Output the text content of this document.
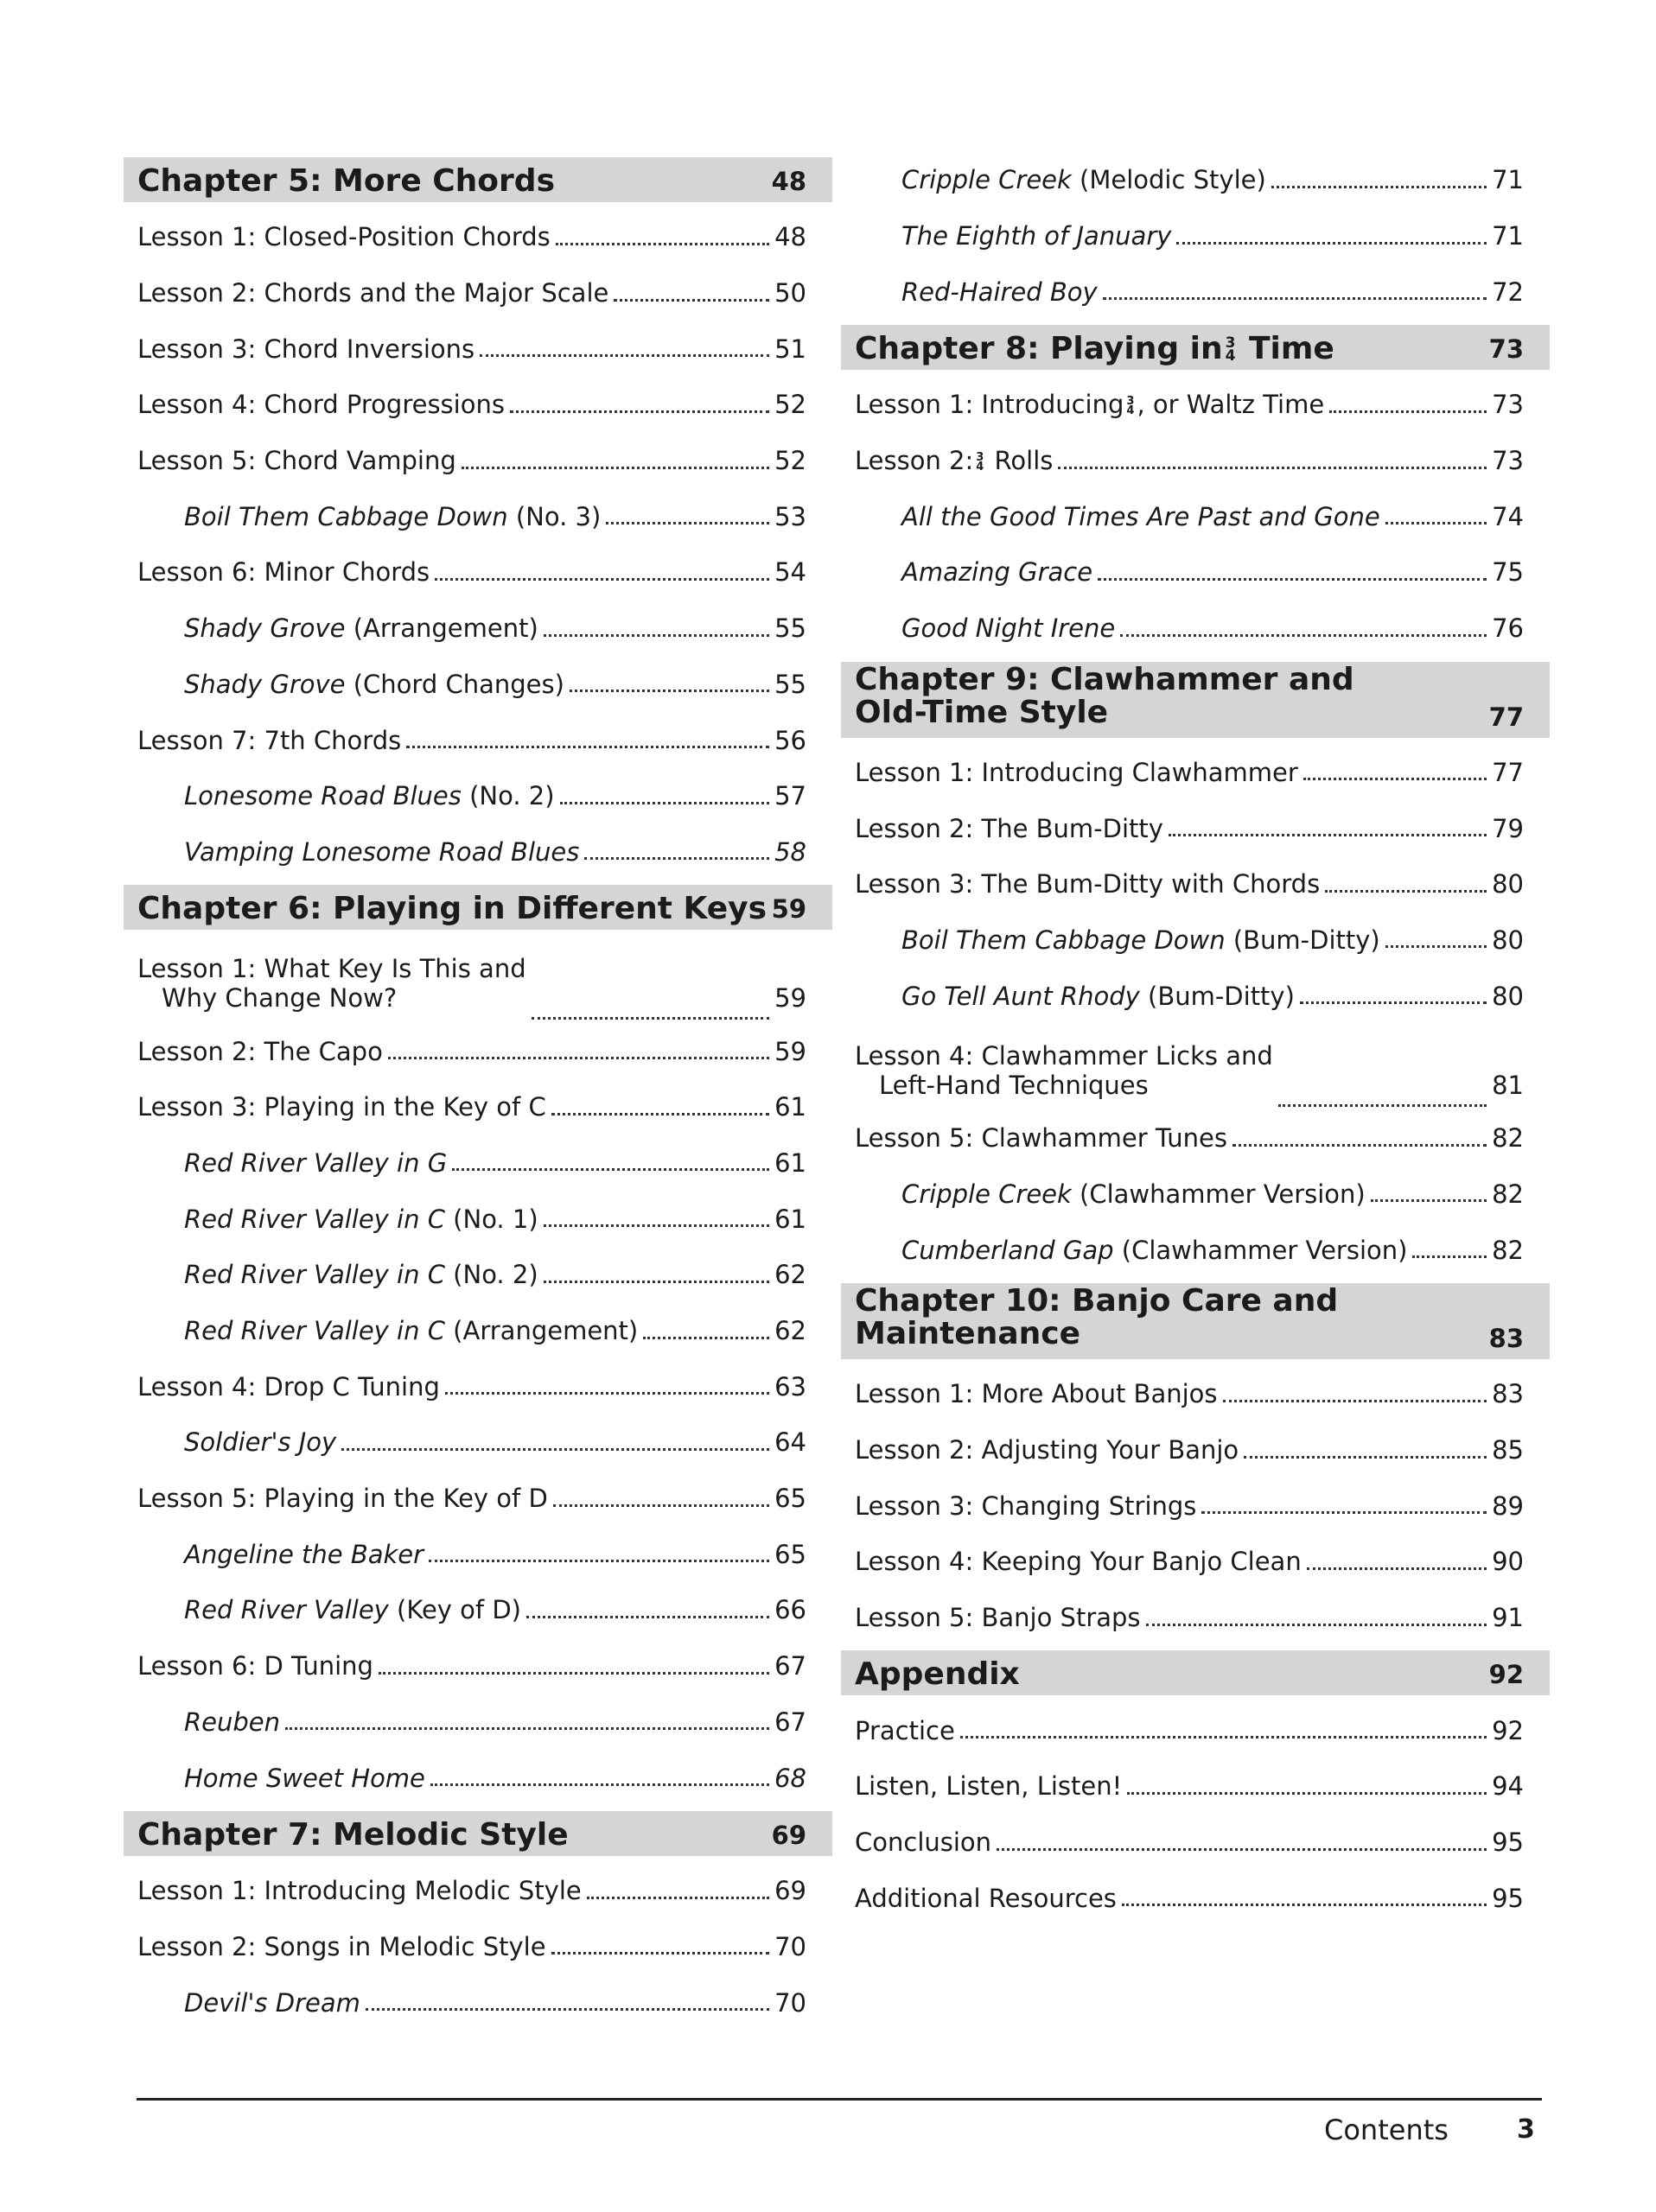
Chapter 5: More Chords	48
Lesson 1: Closed-Position Chords	48
Lesson 2: Chords and the Major Scale	50
Lesson 3: Chord Inversions	51
Lesson 4: Chord Progressions	52
Lesson 5: Chord Vamping	52
Boil Them Cabbage Down (No. 3)	53
Lesson 6: Minor Chords	54
Shady Grove (Arrangement)	55
Shady Grove (Chord Changes)	55
Lesson 7: 7th Chords	56
Lonesome Road Blues (No. 2)	57
Vamping Lonesome Road Blues	58
Chapter 6: Playing in Different Keys 59
Lesson 1: What Key Is This and
Why Change Now?	59
Lesson 2: The Capo	59
Lesson 3: Playing in the Key of C	61
Red River Valley in G	61
Red River Valley in C (No. 1)	61
Red River Valley in C (No. 2)	62
Red River Valley in C (Arrangement)	62
Lesson 4: Drop C Tuning	63
Soldier's Joy	64
Lesson 5: Playing in the Key of D	65
Angeline the Baker	65
Red River Valley (Key of D)	66
Lesson 6: D Tuning	67
Reuben	67
Home Sweet Home	68
Chapter 7: Melodic Style	69
Lesson 1: Introducing Melodic Style	69
Lesson 2: Songs in Melodic Style	70
Devil's Dream	70
Cripple Creek (Melodic Style)	71
The Eighth of January	71
Red-Haired Boy	72
Chapter 8: Playing in 3
4 Time	73
Lesson 1: Introducing 3
4 , or Waltz Time	73
Lesson 2: 3
4 Rolls	73
All the Good Times Are Past and Gone	74
Amazing Grace	75
Good Night Irene	76
Chapter 9: Clawhammer and
Old-Time Style	77
Lesson 1: Introducing Clawhammer	77
Lesson 2: The Bum-Ditty	79
Lesson 3: The Bum-Ditty with Chords	80
Boil Them Cabbage Down (Bum-Ditty)	80
Go Tell Aunt Rhody (Bum-Ditty)	80
Lesson 4: Clawhammer Licks and
Left-Hand Techniques	81
Lesson 5: Clawhammer Tunes	82
Cripple Creek (Clawhammer Version)	82
Cumberland Gap (Clawhammer Version)	82
Chapter 10: Banjo Care and
Maintenance	83
Lesson 1: More About Banjos	83
Lesson 2: Adjusting Your Banjo	85
Lesson 3: Changing Strings	89
Lesson 4: Keeping Your Banjo Clean	90
Lesson 5: Banjo Straps	91
Appendix	92
Practice	92
Listen, Listen, Listen!	94
Conclusion	95
Additional Resources	95
Contents	3
